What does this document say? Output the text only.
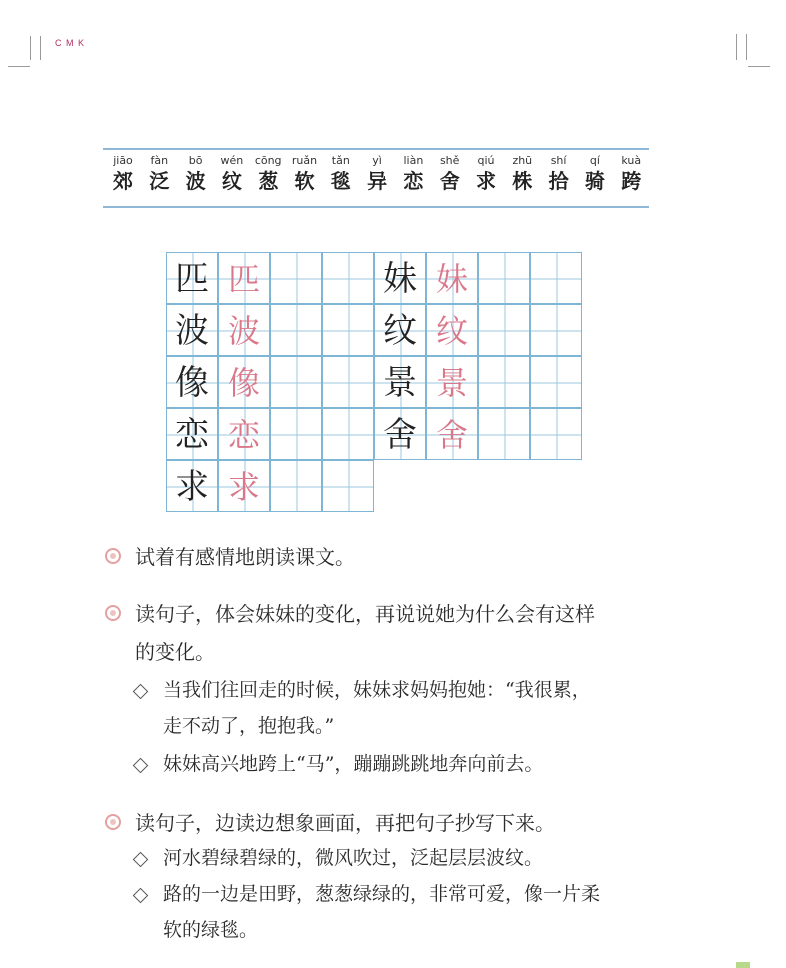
C M K
jiāo
郊
fàn
泛
bō
波
wén
纹
cōng
葱
ruǎn
软
tǎn
毯
yì
异
liàn
恋
shě
舍
qiú
求
zhū
株
shí
拾
qí
骑
kuà
跨
匹 匹
波 波
像 像
恋 恋
求 求
妹 妹
纹 纹
景 景
舍 舍
试着有感情地朗读课文。
读句子，体会妹妹的变化，再说说她为什么会有这样
的变化。
当我们往回走的时候，妹妹求妈妈抱她：“我很累，
走不动了，抱抱我。”
妹妹高兴地跨上“马”，蹦蹦跳跳地奔向前去。
读句子，边读边想象画面，再把句子抄写下来。
河水碧绿碧绿的，微风吹过，泛起层层波纹。
路的一边是田野，葱葱绿绿的，非常可爱，像一片柔
软的绿毯。
